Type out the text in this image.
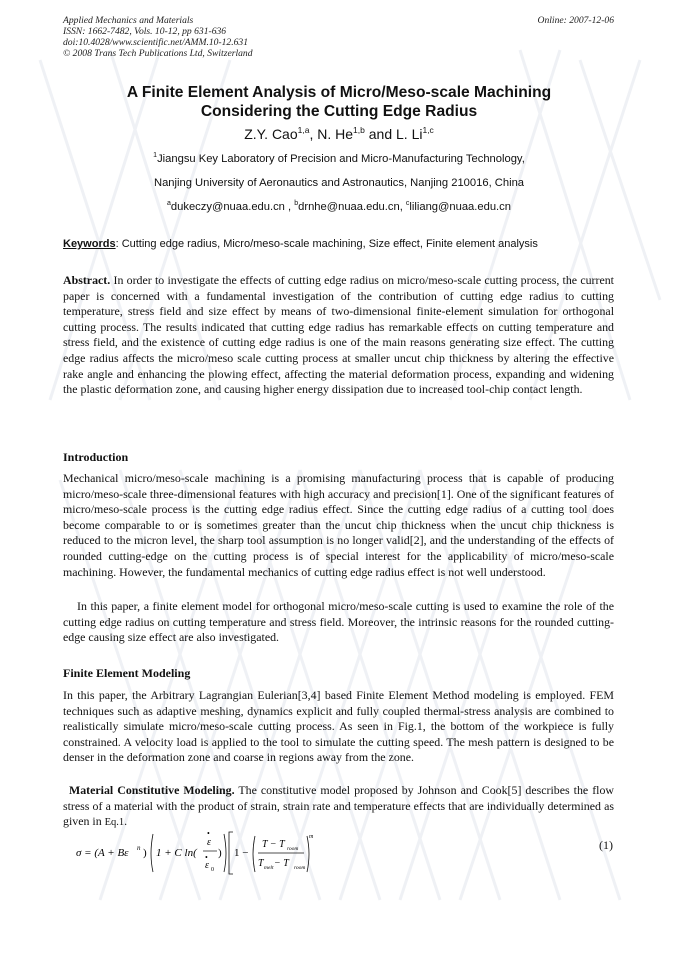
Applied Mechanics and Materials
ISSN: 1662-7482, Vols. 10-12, pp 631-636
doi:10.4028/www.scientific.net/AMM.10-12.631
© 2008 Trans Tech Publications Ltd, Switzerland
Online: 2007-12-06
A Finite Element Analysis of Micro/Meso-scale Machining
Considering the Cutting Edge Radius
Z.Y. Cao$^{1,a}$, N. He$^{1,b}$ and L. Li$^{1,c}$
$^1$Jiangsu Key Laboratory of Precision and Micro-Manufacturing Technology,
Nanjing University of Aeronautics and Astronautics, Nanjing 210016, China
$^a$dukeczy@nuaa.edu.cn , $^b$drnhe@nuaa.edu.cn, $^c$liliang@nuaa.edu.cn
Keywords: Cutting edge radius, Micro/meso-scale machining, Size effect, Finite element analysis

Abstract. In order to investigate the effects of cutting edge radius on micro/meso-scale cutting process, the current paper is concerned with a fundamental investigation of the contribution of cutting edge radius to cutting temperature, stress field and size effect by means of two-dimensional finite-element simulation for orthogonal cutting process. The results indicated that cutting edge radius has remarkable effects on cutting temperature and stress field, and the existence of cutting edge radius is one of the main reasons generating size effect. The cutting edge radius affects the micro/meso scale cutting process at smaller uncut chip thickness by altering the effective rake angle and enhancing the plowing effect, affecting the material deformation process, expanding and widening the plastic deformation zone, and causing higher energy dissipation due to increased tool-chip contact length.

Introduction

Mechanical micro/meso-scale machining is a promising manufacturing process that is capable of producing micro/meso-scale three-dimensional features with high accuracy and precision[1]. One of the significant features of micro/meso-scale process is the cutting edge radius effect. Since the cutting edge radius of a cutting tool does become comparable to or is sometimes greater than the uncut chip thickness when the uncut chip thickness is reduced to the micron level, the sharp tool assumption is no longer valid[2], and the understanding of the effects of rounded cutting-edge on the cutting process is of special interest for the applicability of micro/meso-scale machining. However, the fundamental mechanics of cutting edge radius effect is not well understood.

In this paper, a finite element model for orthogonal micro/meso-scale cutting is used to examine the role of the cutting edge radius on cutting temperature and stress field. Moreover, the intrinsic reasons for the rounded cutting-edge causing size effect are also investigated.

Finite Element Modeling

In this paper, the Arbitrary Lagrangian Eulerian[3,4] based Finite Element Method modeling is employed. FEM techniques such as adaptive meshing, dynamics explicit and fully coupled thermal-stress analysis are combined to realistically simulate micro/meso-scale cutting process. As seen in Fig.1, the bottom of the workpiece is fully constrained. A velocity load is applied to the tool to simulate the cutting speed. The mesh pattern is designed to be denser in the deformation zone and coarse in regions away from the zone.

Material Constitutive Modeling. The constitutive model proposed by Johnson and Cook[5] describes the flow stress of a material with the product of strain, strain rate and temperature effects that are individually determined as given in Eq.1.

σ = (A + Bε n ) 1 + C ln(
ε
•
ε
•
0
) 1 −
T − T room
T melt − T room
m
(1)
